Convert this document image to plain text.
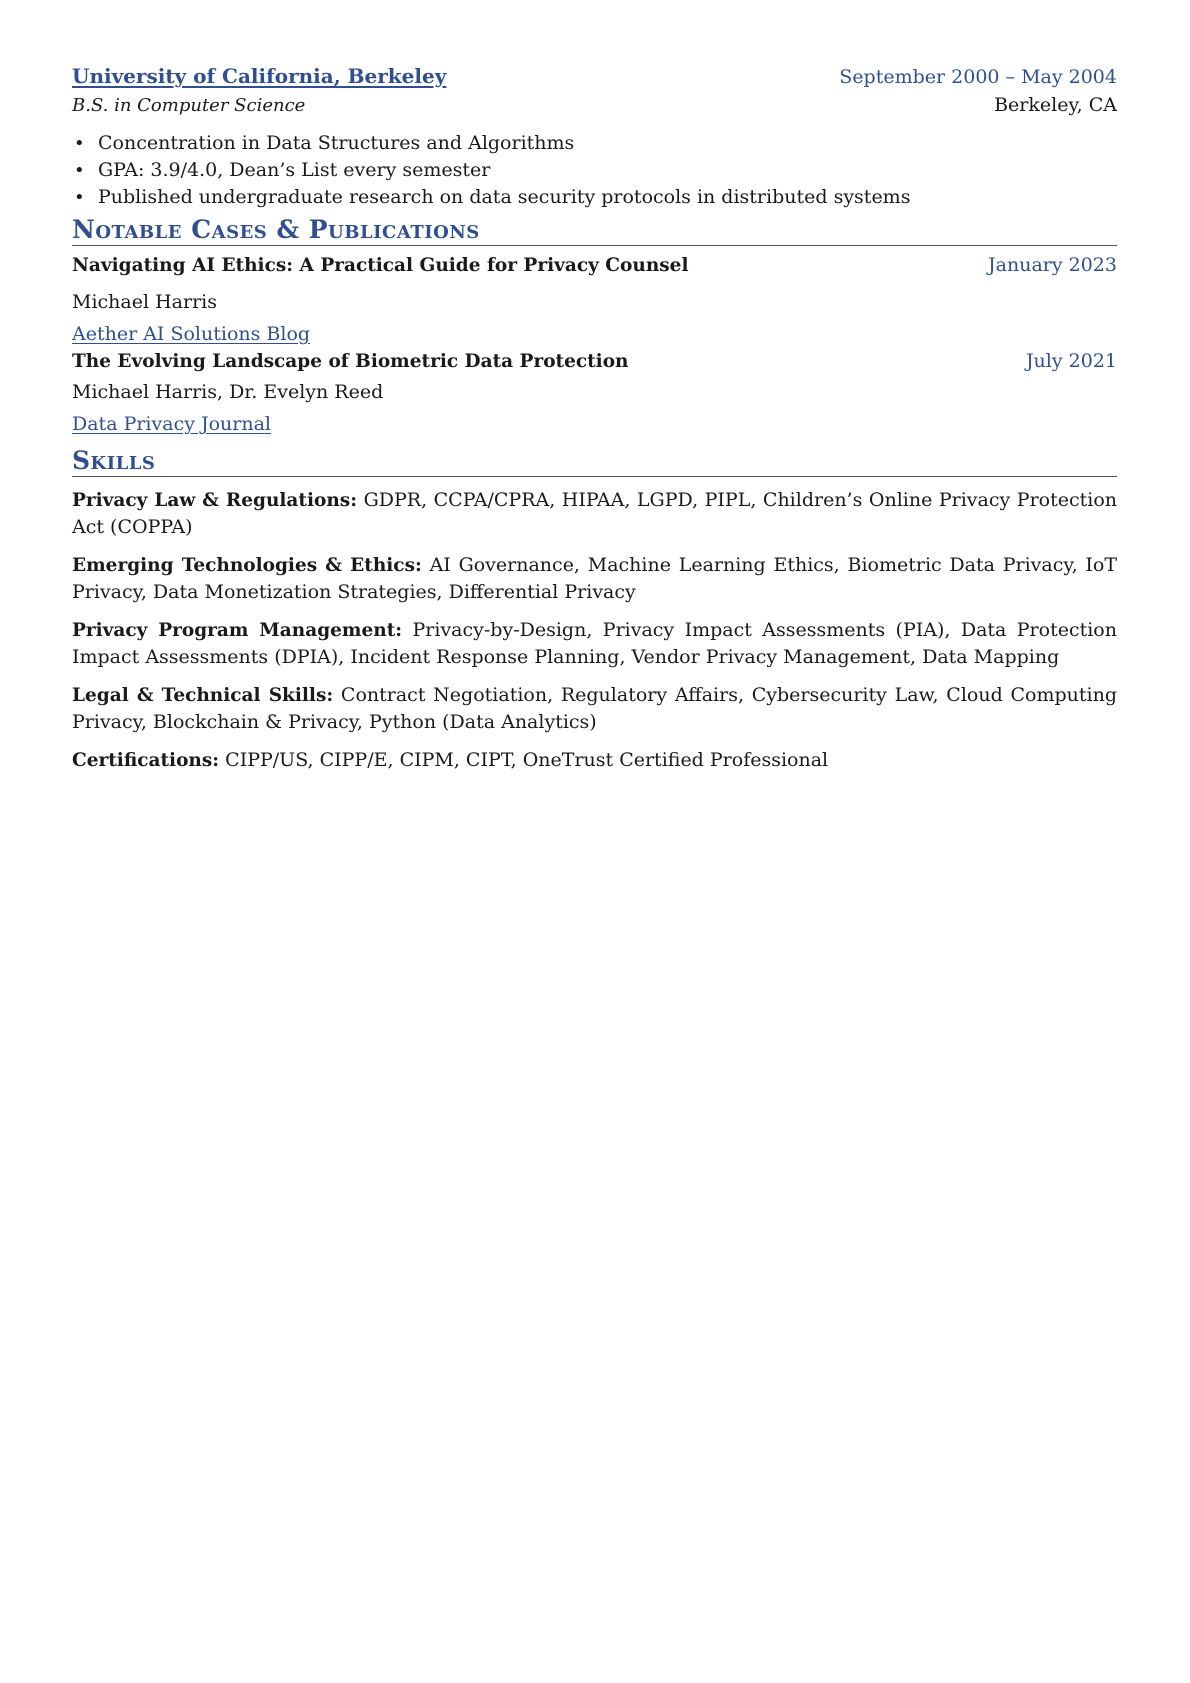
University of California, Berkeley	September 2000 – May 2004
B.S. in Computer Science	Berkeley, CA
• Concentration in Data Structures and Algorithms
• GPA: 3.9/4.0, Dean’s List every semester
• Published undergraduate research on data security protocols in distributed systems
Notable Cases & Publications
Navigating AI Ethics: A Practical Guide for Privacy Counsel	January 2023
Michael Harris
Aether AI Solutions Blog
The Evolving Landscape of Biometric Data Protection	July 2021
Michael Harris, Dr. Evelyn Reed
Data Privacy Journal
Skills
Privacy Law & Regulations: GDPR, CCPA/CPRA, HIPAA, LGPD, PIPL, Children’s Online Privacy Protection Act (COPPA)
Emerging Technologies & Ethics: AI Governance, Machine Learning Ethics, Biometric Data Privacy, IoT Privacy, Data Monetization Strategies, Differential Privacy
Privacy Program Management: Privacy-by-Design, Privacy Impact Assessments (PIA), Data Protection Impact Assessments (DPIA), Incident Response Planning, Vendor Privacy Management, Data Mapping
Legal & Technical Skills: Contract Negotiation, Regulatory Affairs, Cybersecurity Law, Cloud Computing Privacy, Blockchain & Privacy, Python (Data Analytics)
Certifications: CIPP/US, CIPP/E, CIPM, CIPT, OneTrust Certified Professional
